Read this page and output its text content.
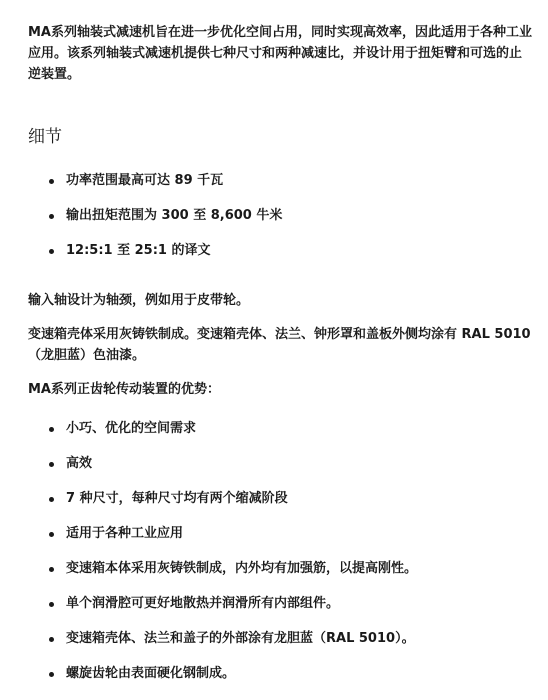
MA系列轴装式减速机旨在进一步优化空间占用，同时实现高效率，因此适用于各种工业应用。该系列轴装式减速机提供七种尺寸和两种减速比，并设计用于扭矩臂和可选的止逆装置。

细节
功率范围最高可达 89 千瓦
输出扭矩范围为 300 至 8,600 牛米
12:5:1 至 25:1 的译文

输入轴设计为轴颈，例如用于皮带轮。

变速箱壳体采用灰铸铁制成。变速箱壳体、法兰、钟形罩和盖板外侧均涂有 RAL 5010（龙胆蓝）色油漆。

MA系列正齿轮传动装置的优势：

小巧、优化的空间需求
高效
7 种尺寸，每种尺寸均有两个缩减阶段
适用于各种工业应用
变速箱本体采用灰铸铁制成，内外均有加强筋，以提高刚性。
单个润滑腔可更好地散热并润滑所有内部组件。
变速箱壳体、法兰和盖子的外部涂有龙胆蓝（RAL 5010）。
螺旋齿轮由表面硬化钢制成。
